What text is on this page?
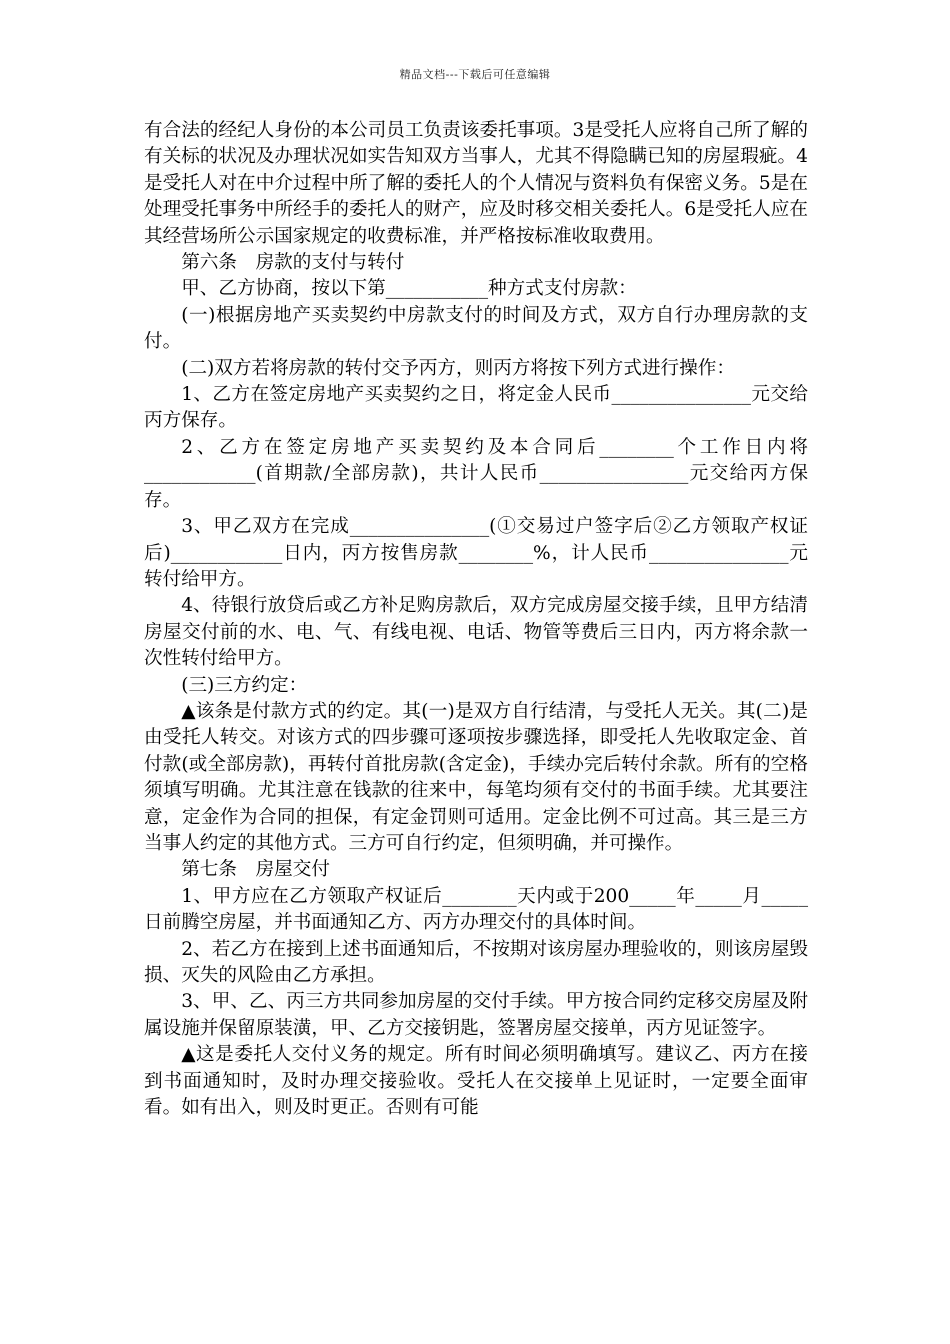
精品文档---下载后可任意编辑

有合法的经纪人身份的本公司员工负责该委托事项。3是受托人应将自己所了解的有关标的状况及办理状况如实告知双方当事人，尤其不得隐瞒已知的房屋瑕疵。4是受托人对在中介过程中所了解的委托人的个人情况与资料负有保密义务。5是在处理受托事务中所经手的委托人的财产，应及时移交相关委托人。6是受托人应在其经营场所公示国家规定的收费标准，并严格按标准收取费用。

第六条　房款的支付与转付

甲、乙方协商，按以下第___________种方式支付房款：

(一)根据房地产买卖契约中房款支付的时间及方式，双方自行办理房款的支付。

(二)双方若将房款的转付交予丙方，则丙方将按下列方式进行操作：

1、乙方在签定房地产买卖契约之日，将定金人民币_______________元交给丙方保存。

2、乙方在签定房地产买卖契约及本合同后________个工作日内将____________(首期款/全部房款)，共计人民币________________元交给丙方保存。

3、甲乙双方在完成_______________(①交易过户签字后②乙方领取产权证后)____________日内，丙方按售房款________%，计人民币_______________元转付给甲方。

4、待银行放贷后或乙方补足购房款后，双方完成房屋交接手续，且甲方结清房屋交付前的水、电、气、有线电视、电话、物管等费后三日内，丙方将余款一次性转付给甲方。

(三)三方约定：

▲该条是付款方式的约定。其(一)是双方自行结清，与受托人无关。其(二)是由受托人转交。对该方式的四步骤可逐项按步骤选择，即受托人先收取定金、首付款(或全部房款)，再转付首批房款(含定金)，手续办完后转付余款。所有的空格须填写明确。尤其注意在钱款的往来中，每笔均须有交付的书面手续。尤其要注意，定金作为合同的担保，有定金罚则可适用。定金比例不可过高。其三是三方当事人约定的其他方式。三方可自行约定，但须明确，并可操作。

第七条　房屋交付

1、甲方应在乙方领取产权证后________天内或于200_____年_____月_____日前腾空房屋，并书面通知乙方、丙方办理交付的具体时间。

2、若乙方在接到上述书面通知后，不按期对该房屋办理验收的，则该房屋毁损、灭失的风险由乙方承担。

3、甲、乙、丙三方共同参加房屋的交付手续。甲方按合同约定移交房屋及附属设施并保留原装潢，甲、乙方交接钥匙，签署房屋交接单，丙方见证签字。

▲这是委托人交付义务的规定。所有时间必须明确填写。建议乙、丙方在接到书面通知时，及时办理交接验收。受托人在交接单上见证时，一定要全面审看。如有出入，则及时更正。否则有可能
